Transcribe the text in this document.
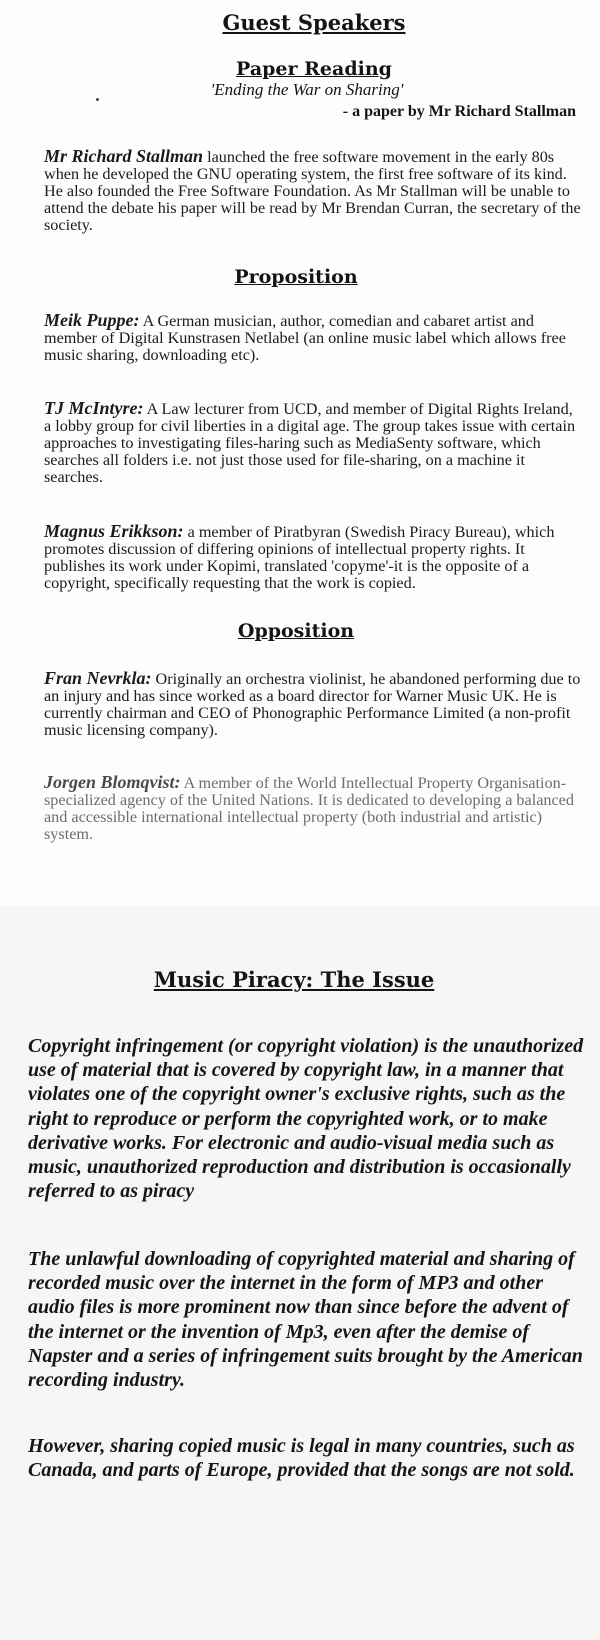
Guest Speakers
Paper Reading
'Ending the War on Sharing'
- a paper by Mr Richard Stallman

Mr Richard Stallman launched the free software movement in the early 80s when he developed the GNU operating system, the first free software of its kind. He also founded the Free Software Foundation. As Mr Stallman will be unable to attend the debate his paper will be read by Mr Brendan Curran, the secretary of the society.

Proposition

Meik Puppe: A German musician, author, comedian and cabaret artist and member of Digital Kunstrasen Netlabel (an online music label which allows free music sharing, downloading etc).

TJ McIntyre: A Law lecturer from UCD, and member of Digital Rights Ireland, a lobby group for civil liberties in a digital age. The group takes issue with certain approaches to investigating files-haring such as MediaSenty software, which searches all folders i.e. not just those used for file-sharing, on a machine it searches.

Magnus Erikkson: a member of Piratbyran (Swedish Piracy Bureau), which promotes discussion of differing opinions of intellectual property rights. It publishes its work under Kopimi, translated 'copyme'-it is the opposite of a copyright, specifically requesting that the work is copied.

Opposition

Fran Nevrkla: Originally an orchestra violinist, he abandoned performing due to an injury and has since worked as a board director for Warner Music UK. He is currently chairman and CEO of Phonographic Performance Limited (a non-profit music licensing company).

Jorgen Blomqvist: A member of the World Intellectual Property Organisation-specialized agency of the United Nations. It is dedicated to developing a balanced and accessible international intellectual property (both industrial and artistic) system.

Music Piracy: The Issue

Copyright infringement (or copyright violation) is the unauthorized use of material that is covered by copyright law, in a manner that violates one of the copyright owner's exclusive rights, such as the right to reproduce or perform the copyrighted work, or to make derivative works. For electronic and audio-visual media such as music, unauthorized reproduction and distribution is occasionally referred to as piracy

The unlawful downloading of copyrighted material and sharing of recorded music over the internet in the form of MP3 and other audio files is more prominent now than since before the advent of the internet or the invention of Mp3, even after the demise of Napster and a series of infringement suits brought by the American recording industry.

However, sharing copied music is legal in many countries, such as Canada, and parts of Europe, provided that the songs are not sold.
